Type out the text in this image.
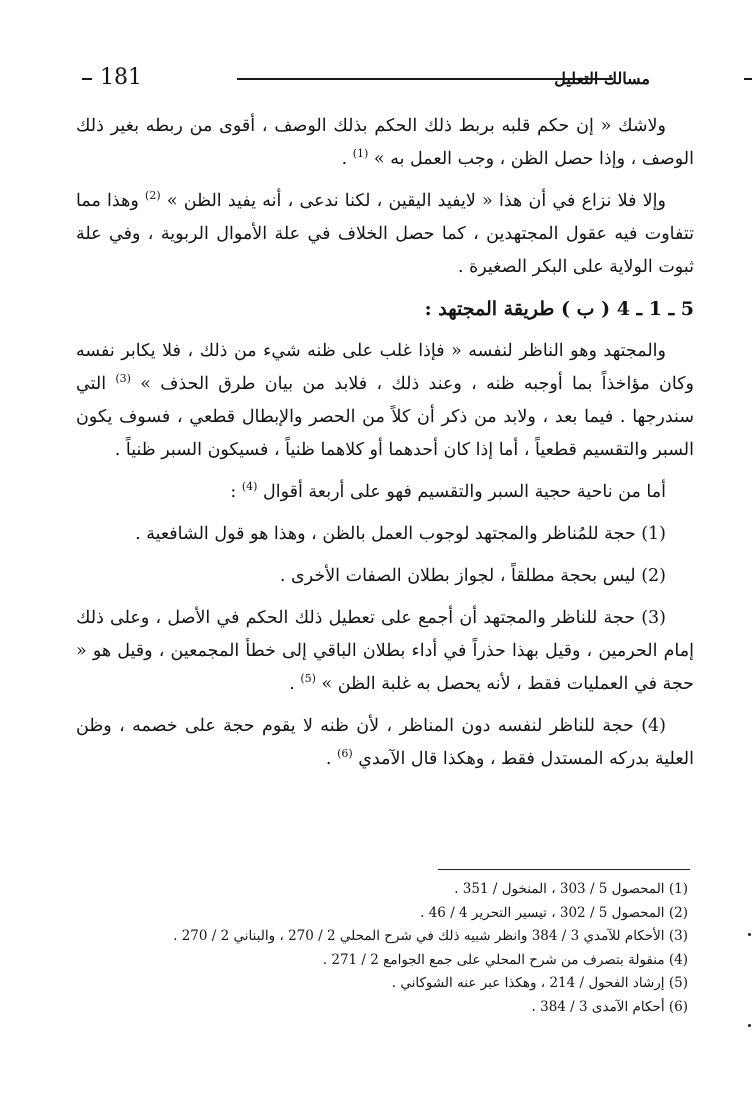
181	مسالك التعليل

ولاشك « إن حكم قلبه بربط ذلك الحكم بذلك الوصف ، أقوى من ربطه بغير ذلك الوصف ، وإذا حصل الظن ، وجب العمل به » $^{(1)}$ .

وإلا فلا نزاع في أن هذا « لايفيد اليقين ، لكنا ندعى ، أنه يفيد الظن » $^{(2)}$ وهذا مما تتفاوت فيه عقول المجتهدين ، كما حصل الخلاف في علة الأموال الربوية ، وفي علة ثبوت الولاية على البكر الصغيرة .

5 ـ 1 ـ 4 ( ب ) طريقة المجتهد :

والمجتهد وهو الناظر لنفسه « فإذا غلب على ظنه شيء من ذلك ، فلا يكابر نفسه وكان مؤاخذاً بما أوجبه ظنه ، وعند ذلك ، فلابد من بيان طرق الحذف » $^{(3)}$ التي سندرجها . فيما بعد ، ولابد من ذكر أن كلاً من الحصر والإبطال قطعي ، فسوف يكون السبر والتقسيم قطعياً ، أما إذا كان أحدهما أو كلاهما ظنياً ، فسيكون السبر ظنياً .

أما من ناحية حجية السبر والتقسيم فهو على أربعة أقوال $^{(4)}$ :

(1) حجة للمُناظر والمجتهد لوجوب العمل بالظن ، وهذا هو قول الشافعية .

(2) ليس بحجة مطلقاً ، لجواز بطلان الصفات الأخرى .

(3) حجة للناظر والمجتهد أن أجمع على تعطيل ذلك الحكم في الأصل ، وعلى ذلك إمام الحرمين ، وقيل بهذا حذراً في أداء بطلان الباقي إلى خطأ المجمعين ، وقيل هو « حجة في العمليات فقط ، لأنه يحصل به غلبة الظن » $^{(5)}$ .

(4) حجة للناظر لنفسه دون المناظر ، لأن ظنه لا يقوم حجة على خصمه ، وظن العلية بدركه المستدل فقط ، وهكذا قال الآمدي $^{(6)}$ .

(1) المحصول 5 / 303 ، المنخول / 351 .
(2) المحصول 5 / 302 ، تيسير التحرير 4 / 46 .
(3) الأحكام للآمدي 3 / 384 وانظر شبيه ذلك في شرح المحلي 2 / 270 ، والبناني 2 / 270 .
(4) منقولة بتصرف من شرح المحلي على جمع الجوامع 2 / 271 .
(5) إرشاد الفحول / 214 ، وهكذا عبر عنه الشوكاني .
(6) أحكام الآمدى 3 / 384 .
